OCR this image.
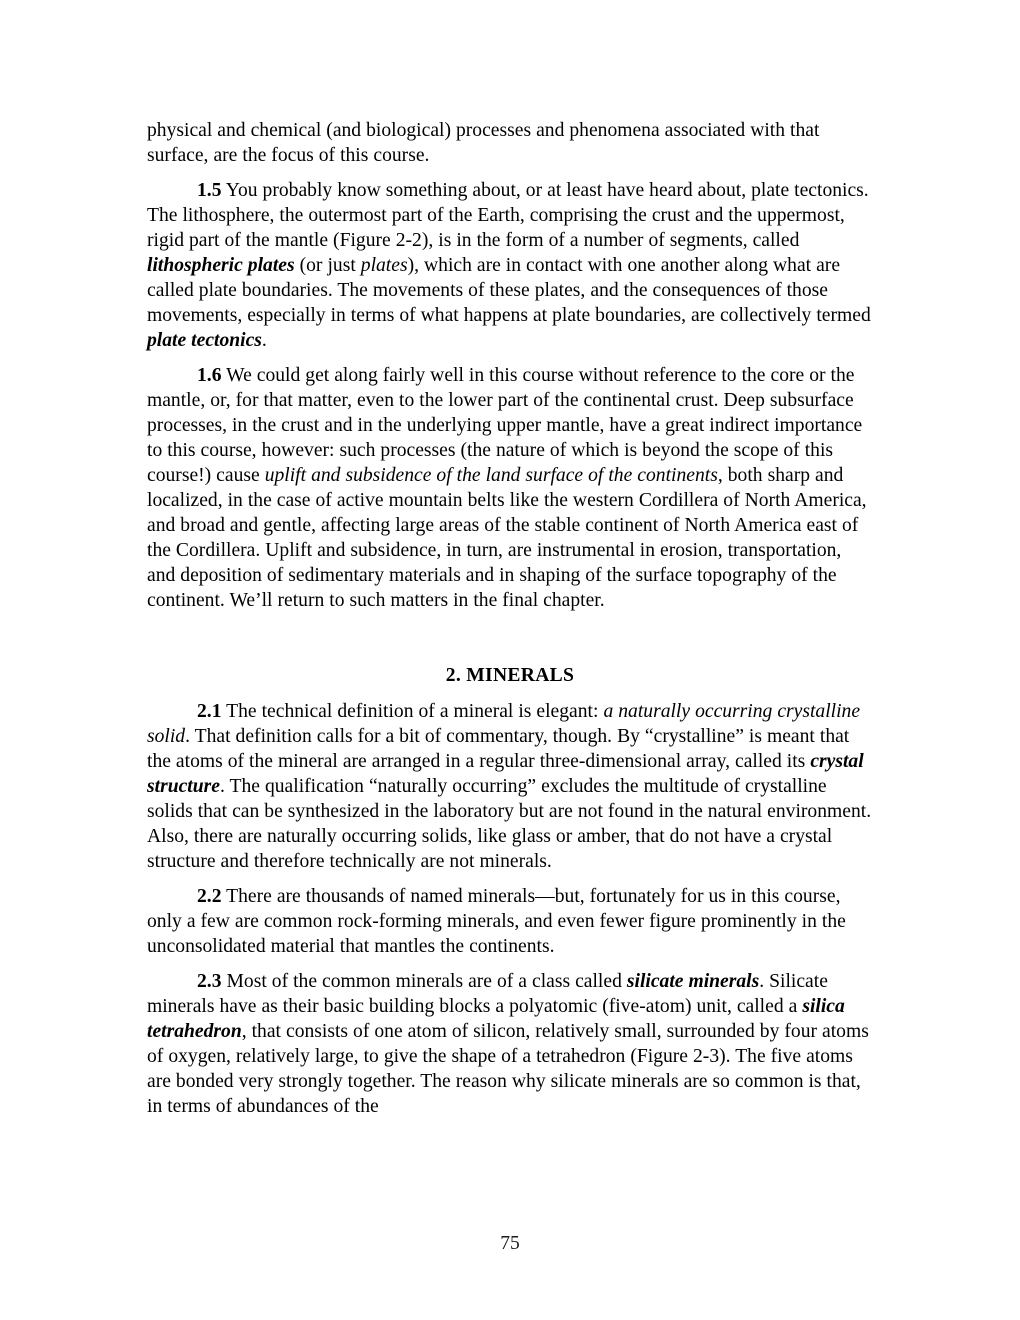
physical and chemical (and biological) processes and phenomena associated with that surface, are the focus of this course.

1.5 You probably know something about, or at least have heard about, plate tectonics. The lithosphere, the outermost part of the Earth, comprising the crust and the uppermost, rigid part of the mantle (Figure 2-2), is in the form of a number of segments, called lithospheric plates (or just plates), which are in contact with one another along what are called plate boundaries. The movements of these plates, and the consequences of those movements, especially in terms of what happens at plate boundaries, are collectively termed plate tectonics.

1.6 We could get along fairly well in this course without reference to the core or the mantle, or, for that matter, even to the lower part of the continental crust. Deep subsurface processes, in the crust and in the underlying upper mantle, have a great indirect importance to this course, however: such processes (the nature of which is beyond the scope of this course!) cause uplift and subsidence of the land surface of the continents, both sharp and localized, in the case of active mountain belts like the western Cordillera of North America, and broad and gentle, affecting large areas of the stable continent of North America east of the Cordillera. Uplift and subsidence, in turn, are instrumental in erosion, transportation, and deposition of sedimentary materials and in shaping of the surface topography of the continent. We’ll return to such matters in the final chapter.

2. MINERALS

2.1 The technical definition of a mineral is elegant: a naturally occurring crystalline solid. That definition calls for a bit of commentary, though. By “crystalline” is meant that the atoms of the mineral are arranged in a regular three-dimensional array, called its crystal structure. The qualification “naturally occurring” excludes the multitude of crystalline solids that can be synthesized in the laboratory but are not found in the natural environment. Also, there are naturally occurring solids, like glass or amber, that do not have a crystal structure and therefore technically are not minerals.

2.2 There are thousands of named minerals—but, fortunately for us in this course, only a few are common rock-forming minerals, and even fewer figure prominently in the unconsolidated material that mantles the continents.

2.3 Most of the common minerals are of a class called silicate minerals. Silicate minerals have as their basic building blocks a polyatomic (five-atom) unit, called a silica tetrahedron, that consists of one atom of silicon, relatively small, surrounded by four atoms of oxygen, relatively large, to give the shape of a tetrahedron (Figure 2-3). The five atoms are bonded very strongly together. The reason why silicate minerals are so common is that, in terms of abundances of the

75
